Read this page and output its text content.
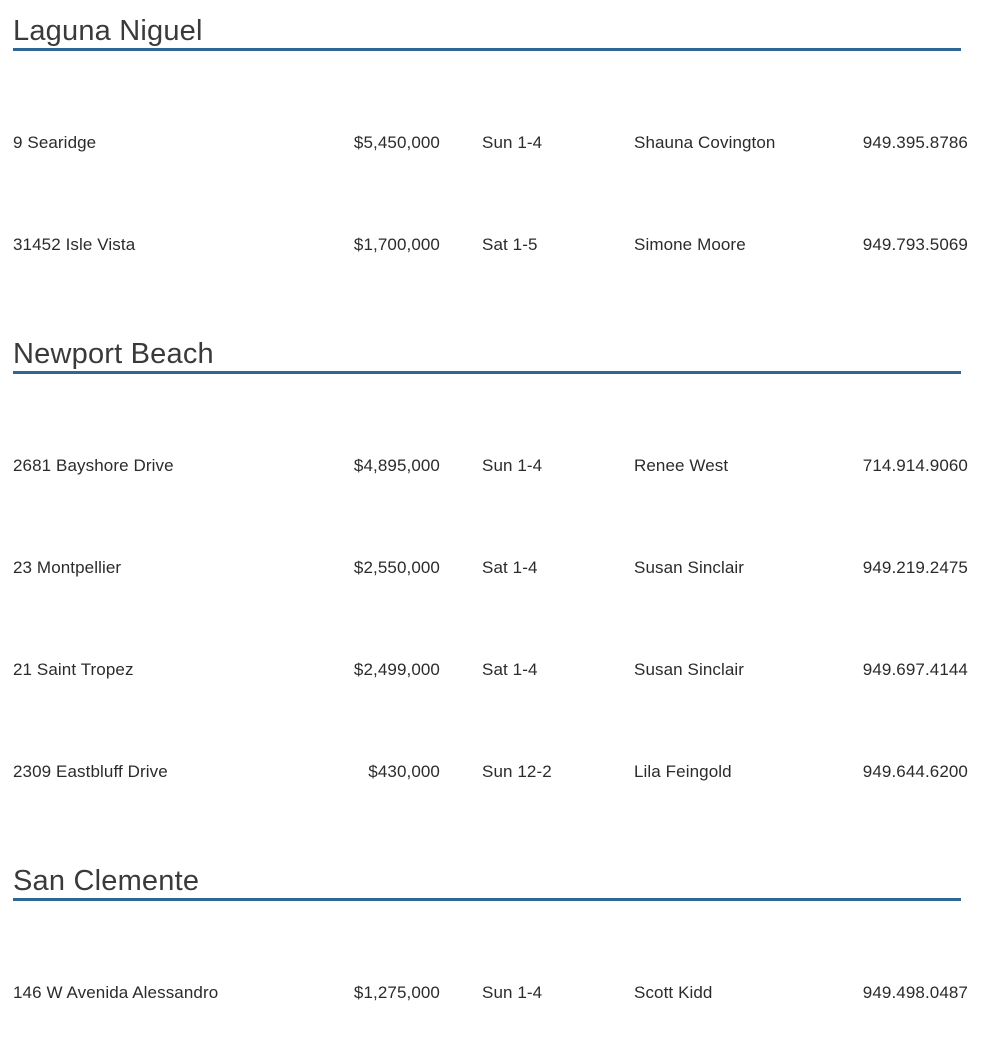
Laguna Niguel
9 Searidge	$5,450,000	Sun 1-4	Shauna Covington	949.395.8786
31452 Isle Vista	$1,700,000	Sat 1-5	Simone Moore	949.793.5069
Newport Beach
2681 Bayshore Drive	$4,895,000	Sun 1-4	Renee West	714.914.9060
23 Montpellier	$2,550,000	Sat 1-4	Susan Sinclair	949.219.2475
21 Saint Tropez	$2,499,000	Sat 1-4	Susan Sinclair	949.697.4144
2309 Eastbluff Drive	$430,000	Sun 12-2	Lila Feingold	949.644.6200
San Clemente
146 W Avenida Alessandro	$1,275,000	Sun 1-4	Scott Kidd	949.498.0487
